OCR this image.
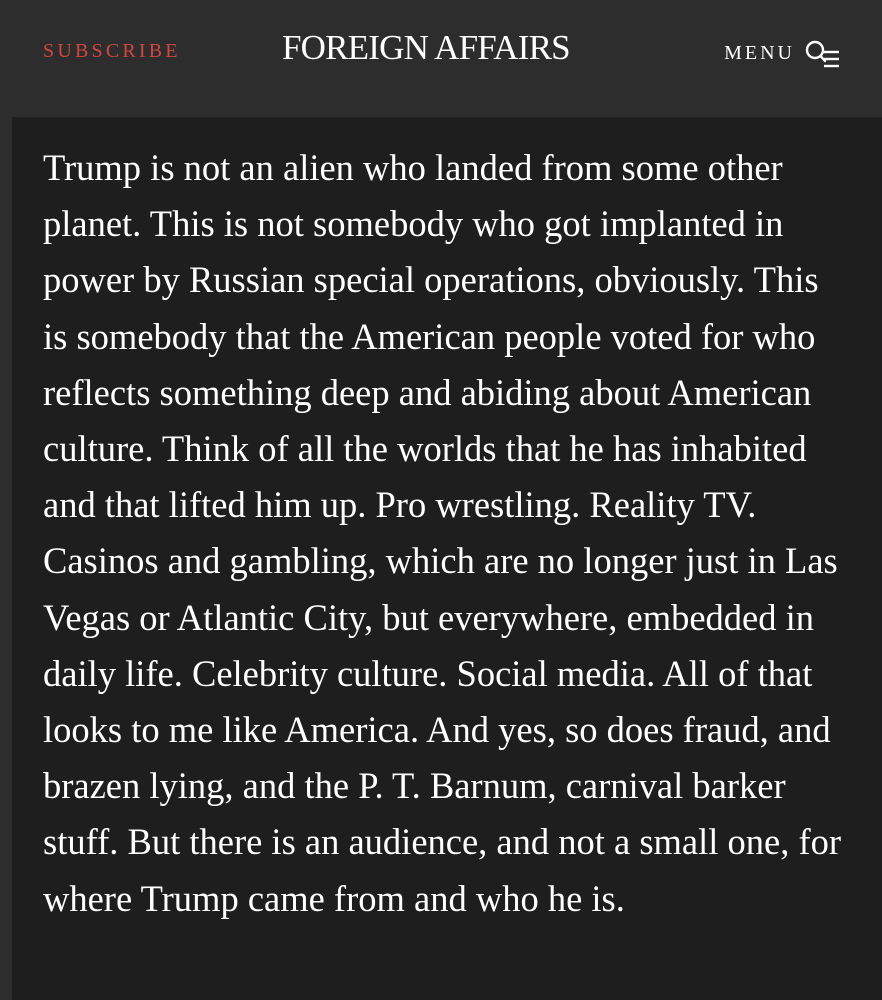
SUBSCRIBE	FOREIGN AFFAIRS	MENU

Trump is not an alien who landed from some other planet. This is not somebody who got implanted in power by Russian special operations, obviously. This is somebody that the American people voted for who reflects something deep and abiding about American culture. Think of all the worlds that he has inhabited and that lifted him up. Pro wrestling. Reality TV. Casinos and gambling, which are no longer just in Las Vegas or Atlantic City, but everywhere, embedded in daily life. Celebrity culture. Social media. All of that looks to me like America. And yes, so does fraud, and brazen lying, and the P. T. Barnum, carnival barker stuff. But there is an audience, and not a small one, for where Trump came from and who he is.
